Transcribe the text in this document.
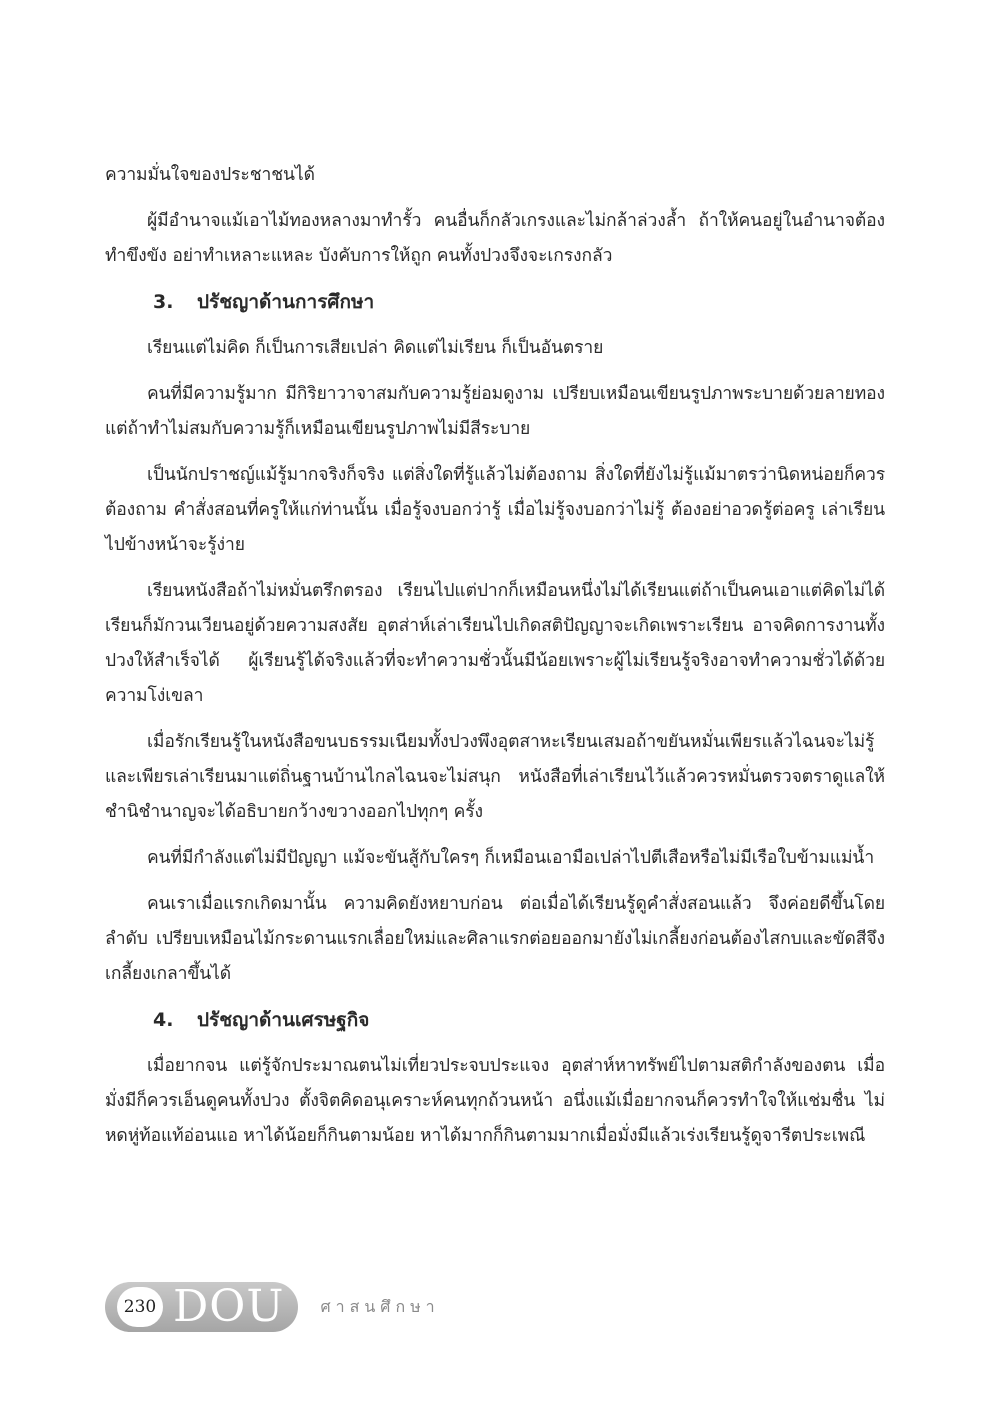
ความมั่นใจของประชาชนได้

ผู้มีอำนาจแม้เอาไม้ทองหลางมาทำรั้ว คนอื่นก็กลัวเกรงและไม่กล้าล่วงล้ำ ถ้าให้คนอยู่ในอำนาจต้องทำขึงขัง อย่าทำเหลาะแหละ บังคับการให้ถูก คนทั้งปวงจึงจะเกรงกลัว

3. ปรัชญาด้านการศึกษา

เรียนแต่ไม่คิด ก็เป็นการเสียเปล่า คิดแต่ไม่เรียน ก็เป็นอันตราย

คนที่มีความรู้มาก มีกิริยาวาจาสมกับความรู้ย่อมดูงาม เปรียบเหมือนเขียนรูปภาพระบายด้วยลายทอง แต่ถ้าทำไม่สมกับความรู้ก็เหมือนเขียนรูปภาพไม่มีสีระบาย

เป็นนักปราชญ์แม้รู้มากจริงก็จริง แต่สิ่งใดที่รู้แล้วไม่ต้องถาม สิ่งใดที่ยังไม่รู้แม้มาตรว่านิดหน่อยก็ควรต้องถาม คำสั่งสอนที่ครูให้แก่ท่านนั้น เมื่อรู้จงบอกว่ารู้ เมื่อไม่รู้จงบอกว่าไม่รู้ ต้องอย่าอวดรู้ต่อครู เล่าเรียนไปข้างหน้าจะรู้ง่าย

เรียนหนังสือถ้าไม่หมั่นตรึกตรอง เรียนไปแต่ปากก็เหมือนหนึ่งไม่ได้เรียนแต่ถ้าเป็นคนเอาแต่คิดไม่ได้เรียนก็มักวนเวียนอยู่ด้วยความสงสัย อุตส่าห์เล่าเรียนไปเกิดสติปัญญาจะเกิดเพราะเรียน อาจคิดการงานทั้งปวงให้สำเร็จได้ ผู้เรียนรู้ได้จริงแล้วที่จะทำความชั่วนั้นมีน้อยเพราะผู้ไม่เรียนรู้จริงอาจทำความชั่วได้ด้วยความโง่เขลา

เมื่อรักเรียนรู้ในหนังสือขนบธรรมเนียมทั้งปวงพึงอุตสาหะเรียนเสมอถ้าขยันหมั่นเพียรแล้วไฉนจะไม่รู้และเพียรเล่าเรียนมาแต่ถิ่นฐานบ้านไกลไฉนจะไม่สนุก หนังสือที่เล่าเรียนไว้แล้วควรหมั่นตรวจตราดูแลให้ชำนิชำนาญจะได้อธิบายกว้างขวางออกไปทุกๆ ครั้ง

คนที่มีกำลังแต่ไม่มีปัญญา แม้จะขันสู้กับใครๆ ก็เหมือนเอามือเปล่าไปตีเสือหรือไม่มีเรือใบข้ามแม่น้ำ

คนเราเมื่อแรกเกิดมานั้น ความคิดยังหยาบก่อน ต่อเมื่อได้เรียนรู้ดูคำสั่งสอนแล้ว จึงค่อยดีขึ้นโดยลำดับ เปรียบเหมือนไม้กระดานแรกเลื่อยใหม่และศิลาแรกต่อยออกมายังไม่เกลี้ยงก่อนต้องไสกบและขัดสีจึงเกลี้ยงเกลาขึ้นได้

4. ปรัชญาด้านเศรษฐกิจ

เมื่อยากจน แต่รู้จักประมาณตนไม่เที่ยวประจบประแจง อุตส่าห์หาทรัพย์ไปตามสติกำลังของตน เมื่อมั่งมีก็ควรเอ็นดูคนทั้งปวง ตั้งจิตคิดอนุเคราะห์คนทุกถ้วนหน้า อนึ่งแม้เมื่อยากจนก็ควรทำใจให้แช่มชื่น ไม่หดหู่ท้อแท้อ่อนแอ หาได้น้อยก็กินตามน้อย หาได้มากก็กินตามมากเมื่อมั่งมีแล้วเร่งเรียนรู้ดูจารีตประเพณี

230 DOU ศาสนศึกษา
